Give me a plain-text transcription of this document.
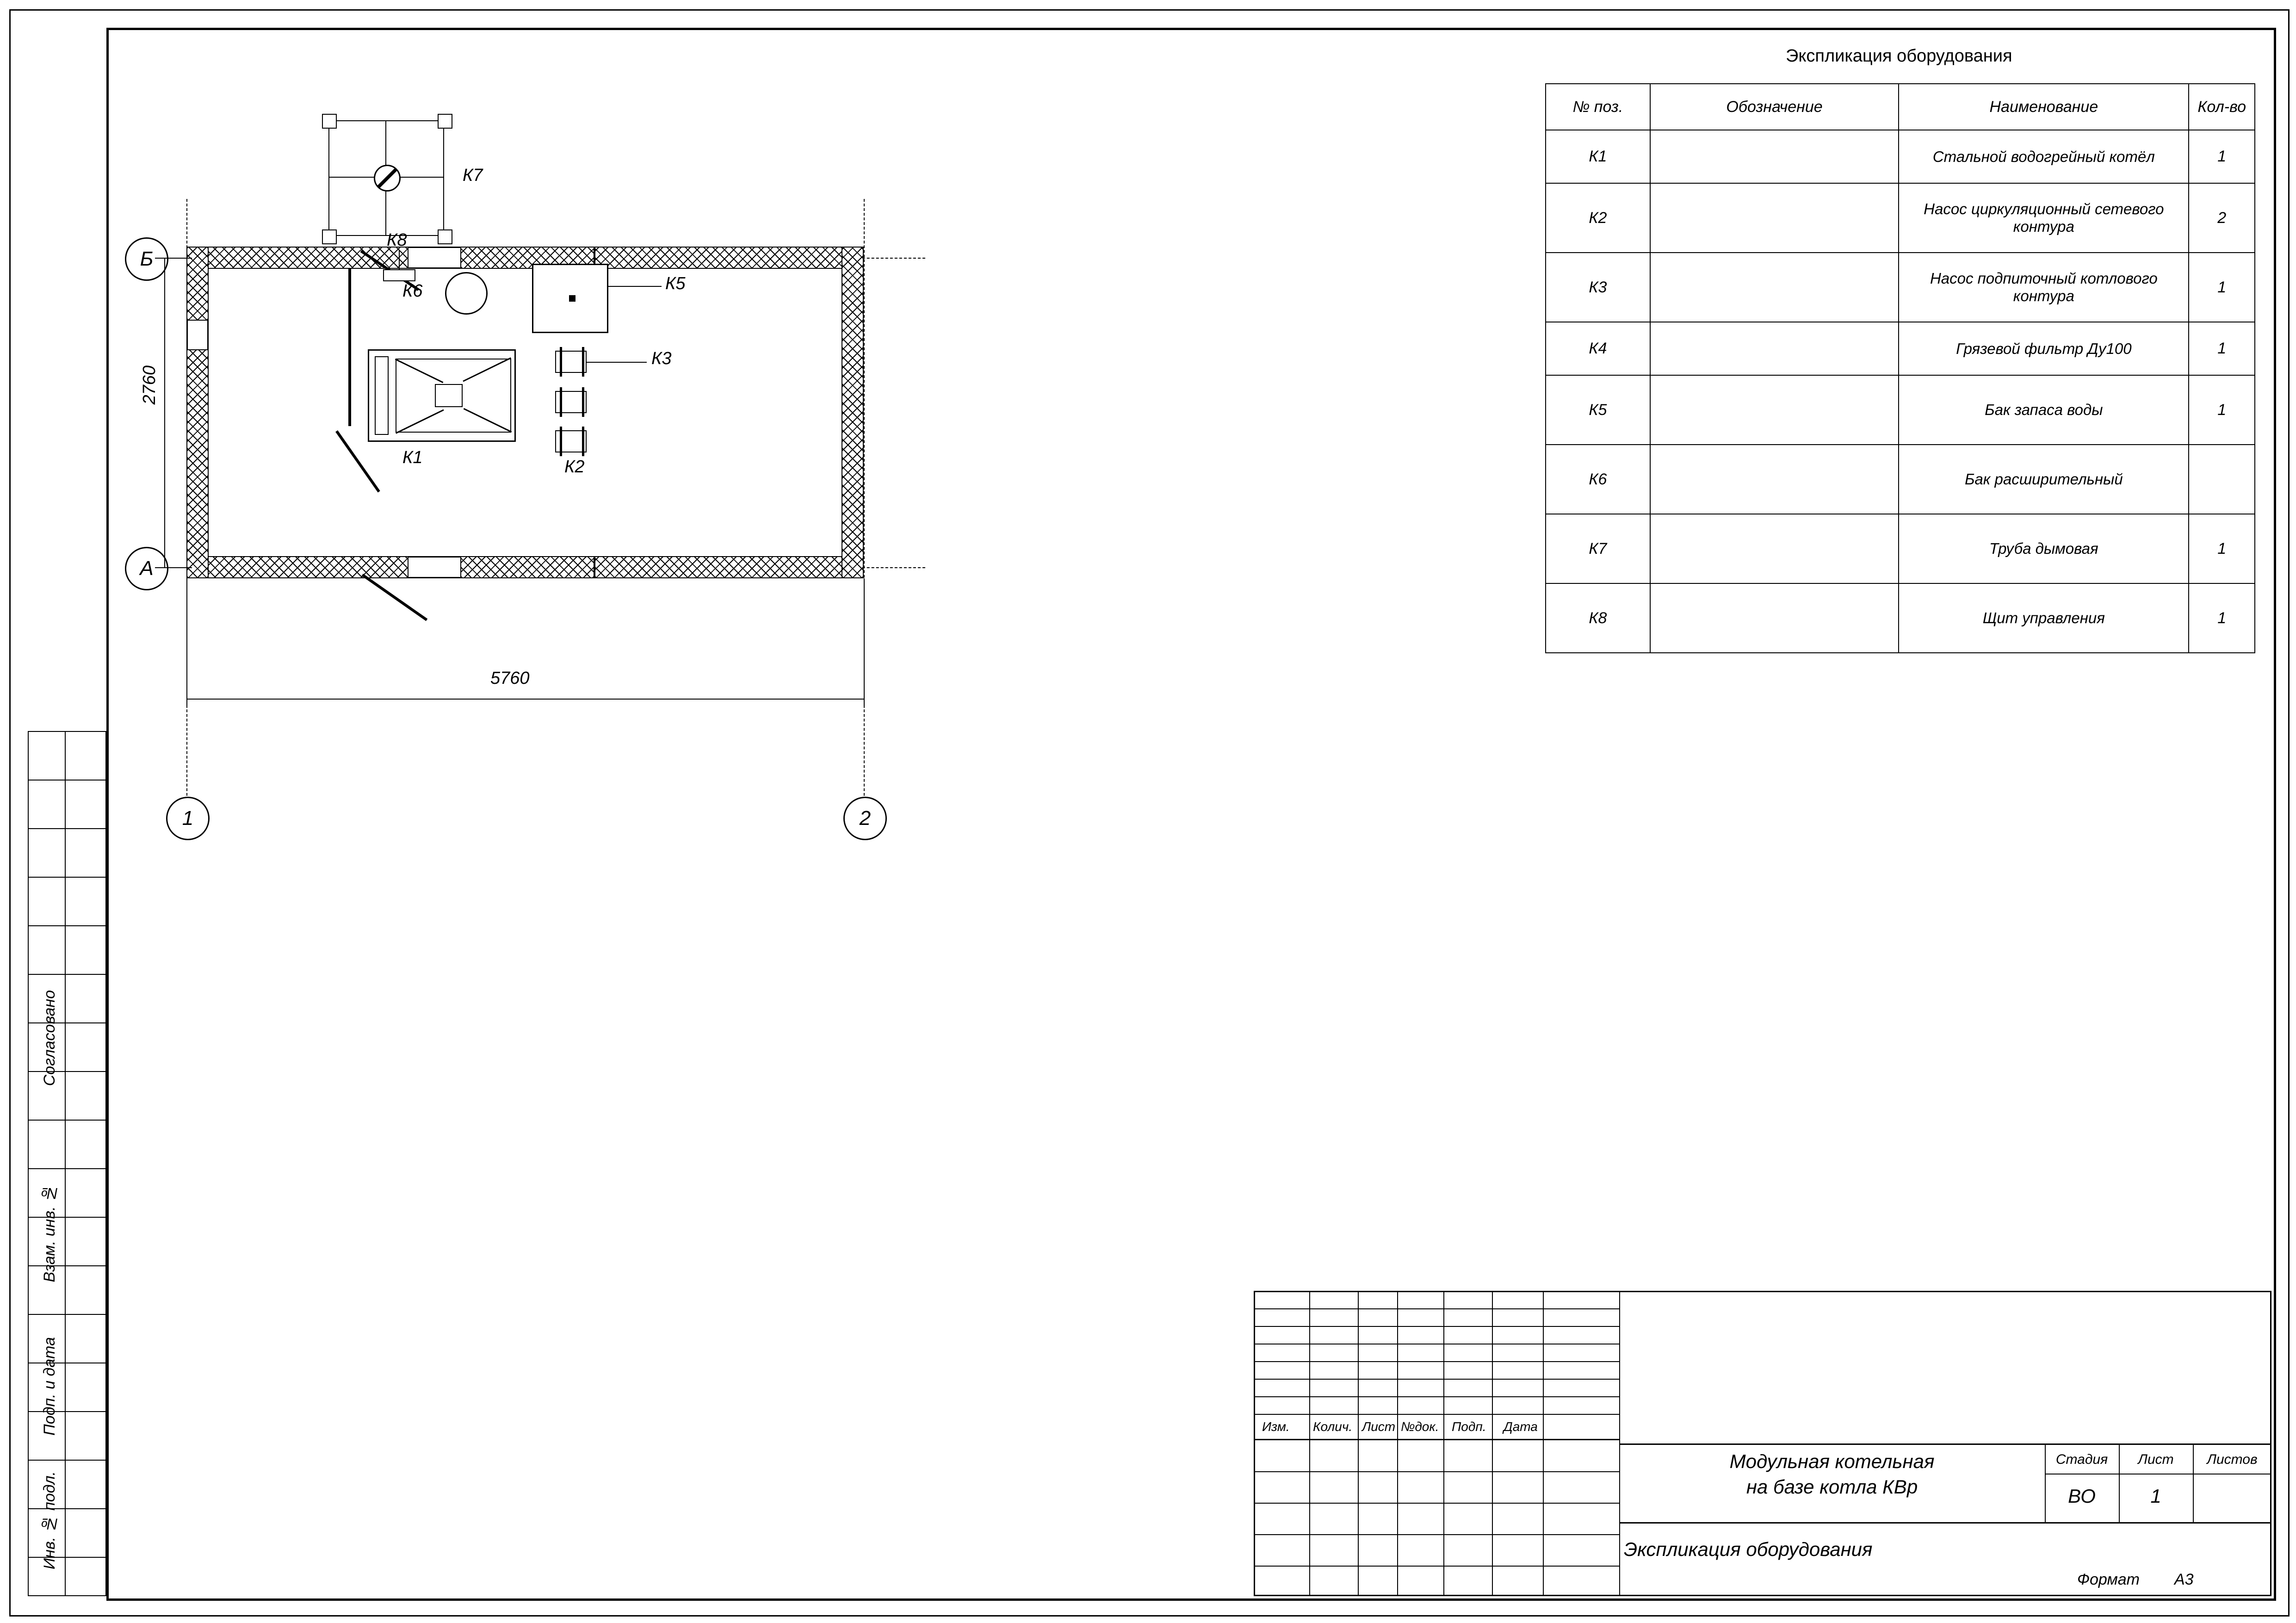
Согласовано
Взам. инв. №
Подп. и дата
Инв. № подл.
Экспликация оборудования
№ поз.	Обозначение	Наименование	Кол-во
К1		Стальной водогрейный котёл	1
К2		Насос циркуляционный сетевого контура	2
К3		Насос подпиточный котлового контура	1
К4		Грязевой фильтр Ду100	1
К5		Бак запаса воды	1
К6		Бак расширительный	
К7		Труба дымовая	1
К8		Щит управления	1
К7
К8
К6	К5
К1
К3
К2
Б
А
1	2
2760
5760
Изм. Колич. Лист №док. Подп. Дата
Модульная котельная
на базе котла КВр
Экспликация оборудования
Стадия	Лист	Листов
ВО	1
Формат А3
